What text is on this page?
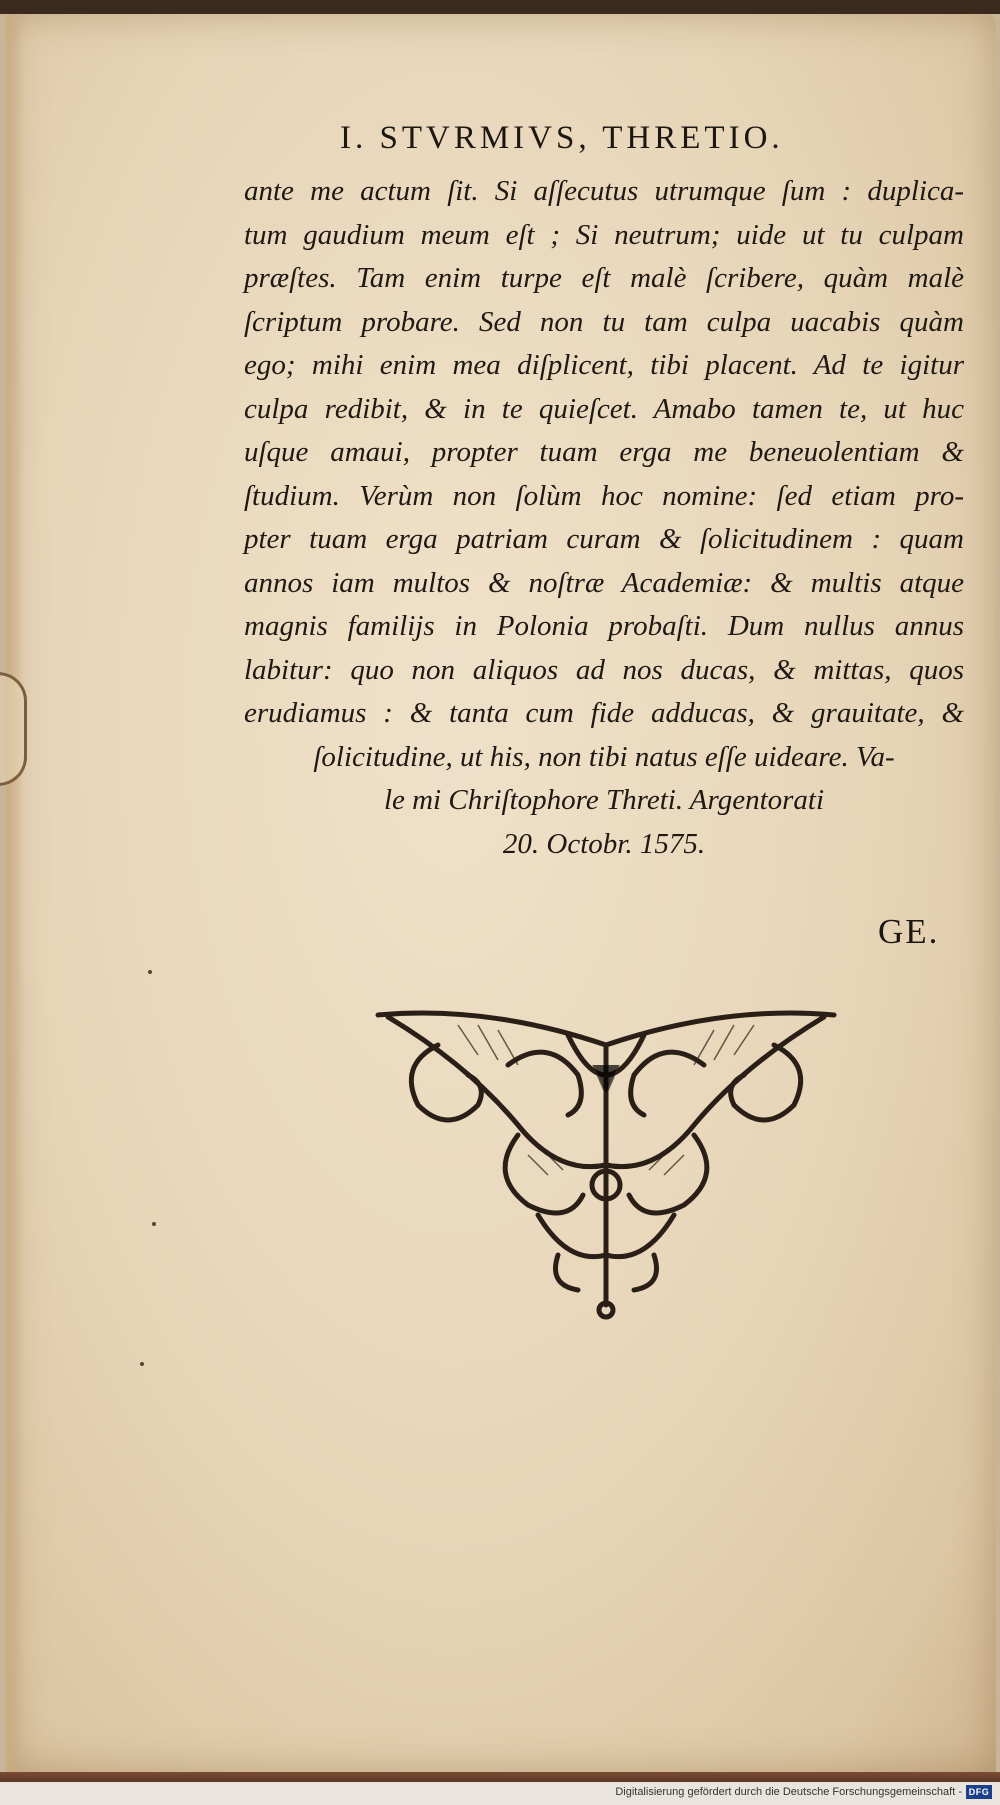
I. STVRMIVS, THRETIO.
ante me actum ſit. Si aſſecutus utrumque ſum : duplica-
tum gaudium meum eſt ; Si neutrum; uide ut tu culpam
præſtes. Tam enim turpe eſt malè ſcribere, quàm malè
ſcriptum probare. Sed non tu tam culpa uacabis quàm
ego; mihi enim mea diſplicent, tibi placent. Ad te igitur
culpa redibit, & in te quieſcet. Amabo tamen te, ut huc
uſque amaui, propter tuam erga me beneuolentiam &
ſtudium. Verùm non ſolùm hoc nomine: ſed etiam pro-
pter tuam erga patriam curam & ſolicitudinem : quam
annos iam multos & noſtræ Academiæ: & multis atque
magnis familijs in Polonia probaſti. Dum nullus annus
labitur: quo non aliquos ad nos ducas, & mittas, quos
erudiamus : & tanta cum fide adducas, & grauitate, &
ſolicitudine, ut his, non tibi natus eſſe uideare. Va-
le mi Chriſtophore Threti. Argentorati
20. Octobr. 1575.
GE.
Digitalisierung gefördert durch die Deutsche Forschungsgemeinschaft - DFG
